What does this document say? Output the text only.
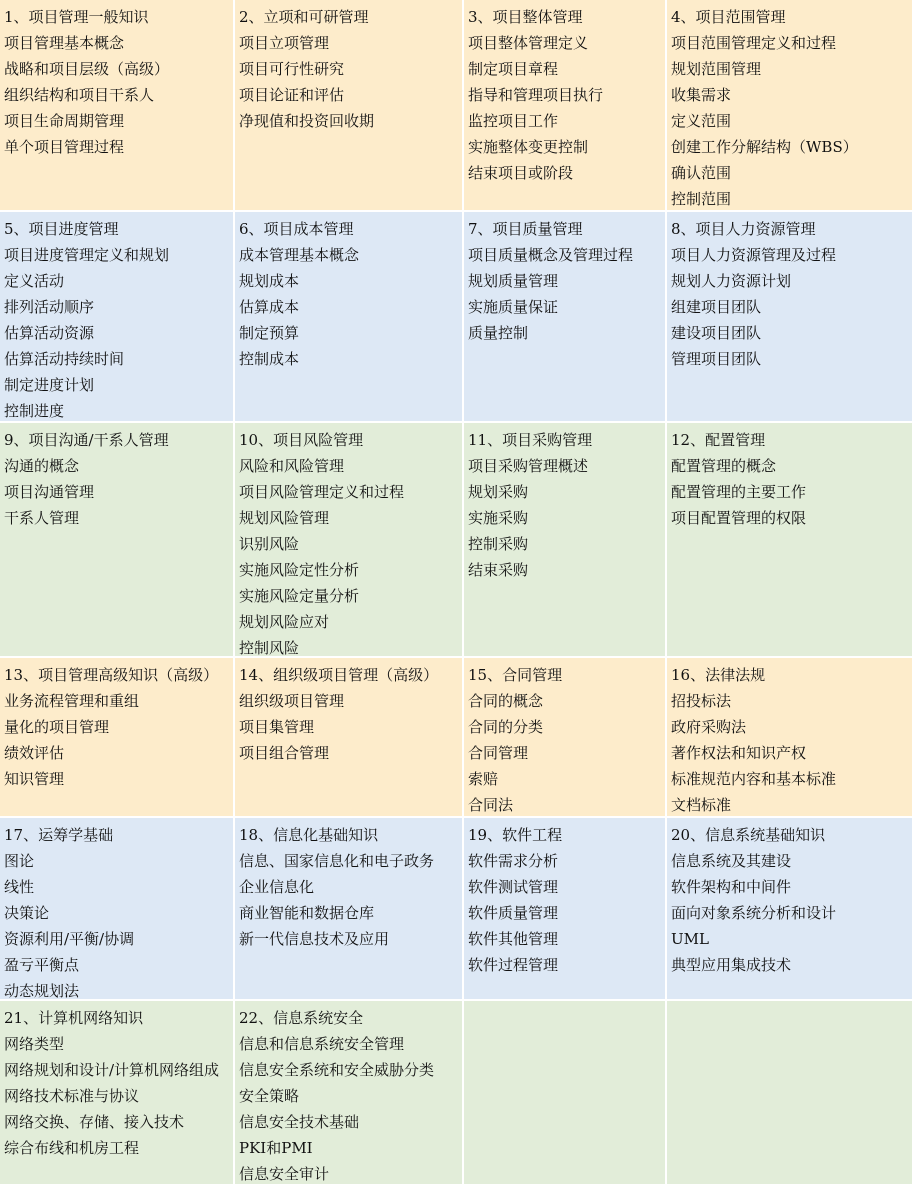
1、项目管理一般知识
项目管理基本概念
战略和项目层级（高级）
组织结构和项目干系人
项目生命周期管理
单个项目管理过程
2、立项和可研管理
项目立项管理
项目可行性研究
项目论证和评估
净现值和投资回收期
3、项目整体管理
项目整体管理定义
制定项目章程
指导和管理项目执行
监控项目工作
实施整体变更控制
结束项目或阶段
4、项目范围管理
项目范围管理定义和过程
规划范围管理
收集需求
定义范围
创建工作分解结构（WBS）
确认范围
控制范围
5、项目进度管理
项目进度管理定义和规划
定义活动
排列活动顺序
估算活动资源
估算活动持续时间
制定进度计划
控制进度
6、项目成本管理
成本管理基本概念
规划成本
估算成本
制定预算
控制成本
7、项目质量管理
项目质量概念及管理过程
规划质量管理
实施质量保证
质量控制
8、项目人力资源管理
项目人力资源管理及过程
规划人力资源计划
组建项目团队
建设项目团队
管理项目团队
9、项目沟通/干系人管理
沟通的概念
项目沟通管理
干系人管理
10、项目风险管理
风险和风险管理
项目风险管理定义和过程
规划风险管理
识别风险
实施风险定性分析
实施风险定量分析
规划风险应对
控制风险
11、项目采购管理
项目采购管理概述
规划采购
实施采购
控制采购
结束采购
12、配置管理
配置管理的概念
配置管理的主要工作
项目配置管理的权限
13、项目管理高级知识（高级）
业务流程管理和重组
量化的项目管理
绩效评估
知识管理
14、组织级项目管理（高级）
组织级项目管理
项目集管理
项目组合管理
15、合同管理
合同的概念
合同的分类
合同管理
索赔
合同法
16、法律法规
招投标法
政府采购法
著作权法和知识产权
标准规范内容和基本标准
文档标准
17、运筹学基础
图论
线性
决策论
资源利用/平衡/协调
盈亏平衡点
动态规划法
18、信息化基础知识
信息、国家信息化和电子政务
企业信息化
商业智能和数据仓库
新一代信息技术及应用
19、软件工程
软件需求分析
软件测试管理
软件质量管理
软件其他管理
软件过程管理
20、信息系统基础知识
信息系统及其建设
软件架构和中间件
面向对象系统分析和设计
UML
典型应用集成技术
21、计算机网络知识
网络类型
网络规划和设计/计算机网络组成
网络技术标准与协议
网络交换、存储、接入技术
综合布线和机房工程
22、信息系统安全
信息和信息系统安全管理
信息安全系统和安全威胁分类
安全策略
信息安全技术基础
PKI和PMI
信息安全审计
